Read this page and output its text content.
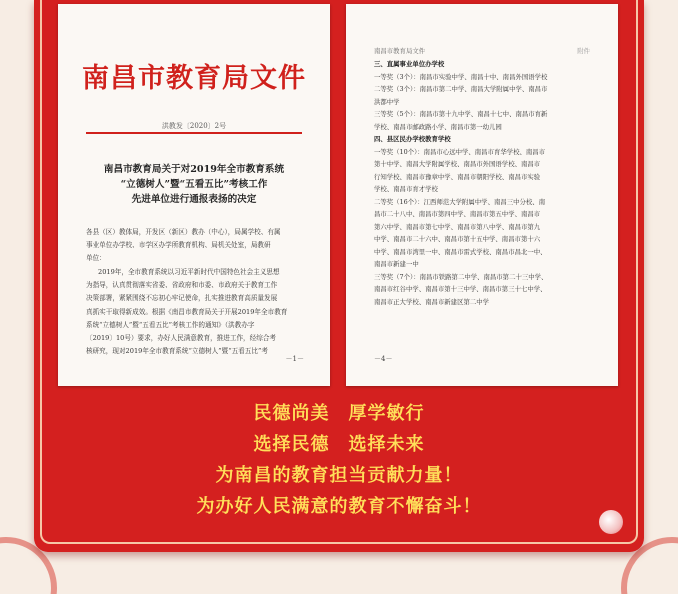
南昌市教育局文件
洪教发〔2020〕2号
南昌市教育局关于对2019年全市教育系统
“立德树人”暨“五看五比”考核工作
先进单位进行通报表扬的决定
各县（区）教体局，开发区（新区）教办（中心），局属学校、有属
事业单位办学校、市学区办学所教育机构、局机关处室，局教研
单位：
2019年，全市教育系统以习近平新时代中国特色社会主义思想
为指导，认真贯彻落实省委、省政府和市委、市政府关于教育工作
决策部署，紧紧围绕不忘初心牢记使命，扎实推进教育高质量发展
真抓实干取得新成效。根据《南昌市教育局关于开展2019年全市教育
系统“立德树人”暨“五看五比”考核工作的通知》（洪教办字
〔2019〕10号）要求，办好人民满意教育，推进工作，经综合考
核研究，现对2019年全市教育系统“立德树人”暨“五看五比”考
－1－
南昌市教育局文件	附件
三、直属事业单位办学校
一等奖（3个）：南昌市实验中学、南昌十中、南昌外国语学校
二等奖（3个）：南昌市第二中学、南昌大学附属中学、南昌市
洪都中学
三等奖（5个）：南昌市第十九中学、南昌十七中、南昌市育新
学校、南昌市邮政路小学、南昌市第一幼儿园
四、县区民办学校教育学校
一等奖（10个）：南昌市心远中学、南昌市育华学校、南昌市
第十中学、南昌大学附属学校、南昌市外国语学校、南昌市
行知学校、南昌市豫章中学、南昌市朝阳学校、南昌市实验
学校、南昌市育才学校
二等奖（16个）：江西师范大学附属中学、南昌三中分校、南
昌市二十八中、南昌市第四中学、南昌市第五中学、南昌市
第六中学、南昌市第七中学、南昌市第八中学、南昌市第九
中学、南昌市二十六中、南昌市第十五中学、南昌市第十六
中学、南昌市湾里一中、南昌市雷式学校、南昌市昌北一中、
南昌市新建一中
三等奖（7个）：南昌市铁路第二中学、南昌市第二十三中学、
南昌市红谷中学、南昌市第十三中学、南昌市第三十七中学、
南昌市正大学校、南昌市新建区第二中学
－4－
民德尚美　厚学敏行
选择民德　选择未来
为南昌的教育担当贡献力量！
为办好人民满意的教育不懈奋斗！
